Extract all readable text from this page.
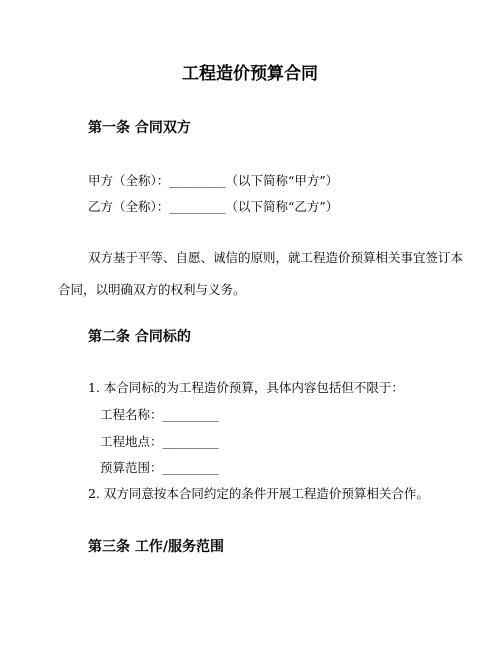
工程造价预算合同
第一条 合同双方
甲方（全称）：_________（以下简称“甲方”）
乙方（全称）：_________（以下简称“乙方”）
双方基于平等、自愿、诚信的原则，就工程造价预算相关事宜签订本合同，以明确双方的权利与义务。
第二条 合同标的
1. 本合同标的为工程造价预算，具体内容包括但不限于：
工程名称：_________
工程地点：_________
预算范围：_________
2. 双方同意按本合同约定的条件开展工程造价预算相关合作。
第三条 工作/服务范围
